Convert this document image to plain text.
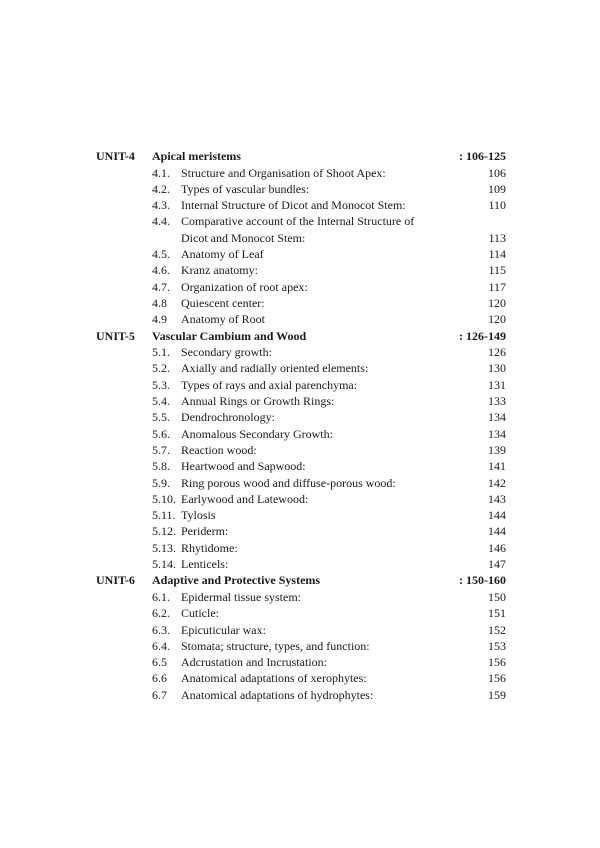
UNIT-4	Apical meristems	: 106-125
4.1. Structure and Organisation of Shoot Apex:	106
4.2. Types of vascular bundles:	109
4.3. Internal Structure of Dicot and Monocot Stem:	110
4.4. Comparative account of the Internal Structure of
Dicot and Monocot Stem:	113
4.5. Anatomy of Leaf	114
4.6. Kranz anatomy:	115
4.7. Organization of root apex:	117
4.8	Quiescent center:	120
4.9	Anatomy of Root	120
UNIT-5	Vascular Cambium and Wood	: 126-149
5.1. Secondary growth:	126
5.2. Axially and radially oriented elements:	130
5.3. Types of rays and axial parenchyma:	131
5.4. Annual Rings or Growth Rings:	133
5.5. Dendrochronology:	134
5.6. Anomalous Secondary Growth:	134
5.7. Reaction wood:	139
5.8. Heartwood and Sapwood:	141
5.9. Ring porous wood and diffuse-porous wood:	142
5.10. Earlywood and Latewood:	143
5.11. Tylosis	144
5.12. Periderm:	144
5.13. Rhytidome:	146
5.14. Lenticels:	147
UNIT-6	Adaptive and Protective Systems	: 150-160
6.1. Epidermal tissue system:	150
6.2. Cuticle:	151
6.3. Epicuticular wax:	152
6.4. Stomata; structure, types, and function:	153
6.5	Adcrustation and Incrustation:	156
6.6	Anatomical adaptations of xerophytes:	156
6.7	Anatomical adaptations of hydrophytes:	159
